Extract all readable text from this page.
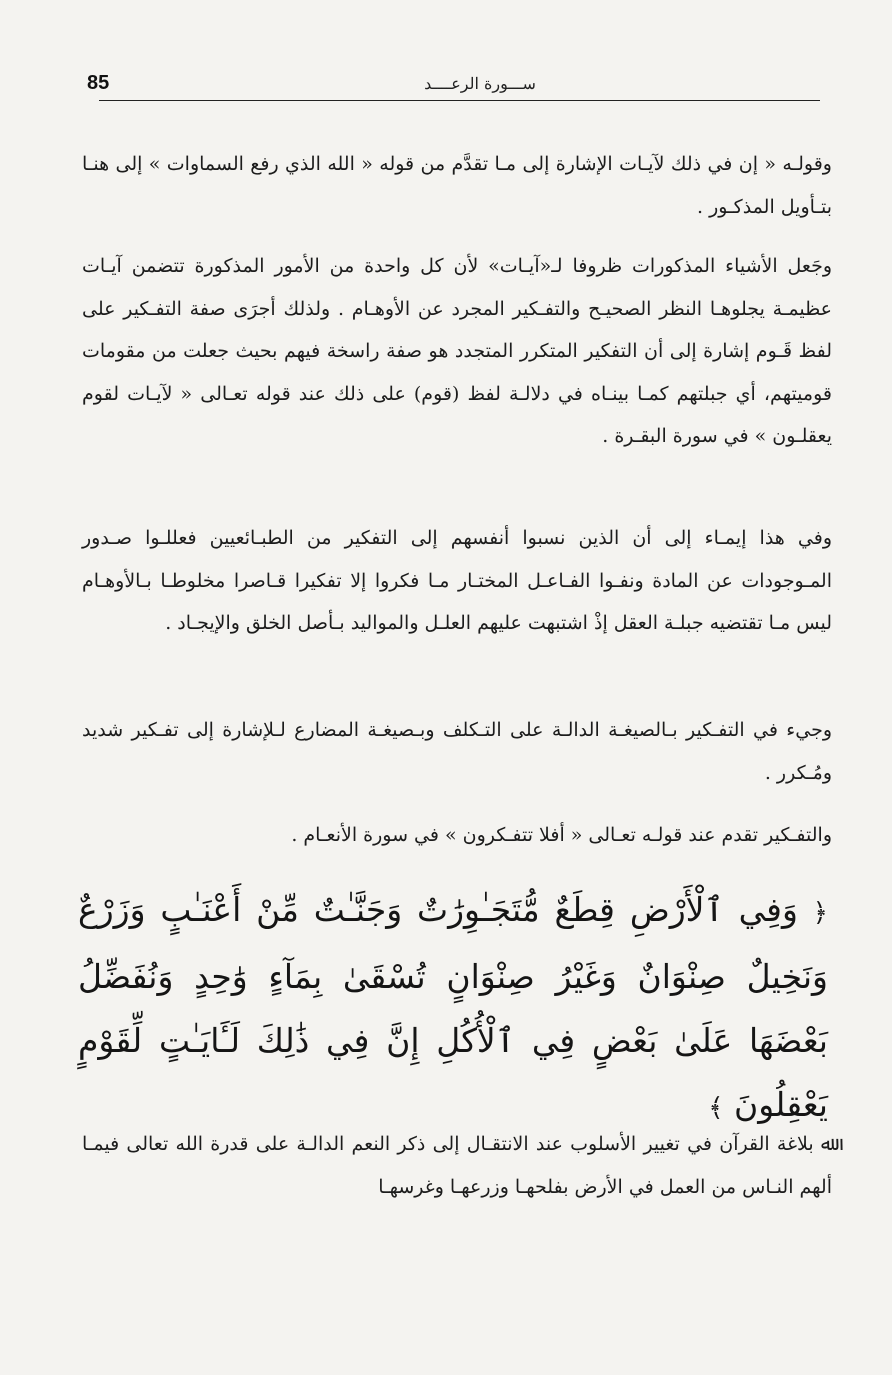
85	ســـورة الرعــــد

وقولـه « إن في ذلك لآيـات الإشارة إلى مـا تقدَّم من قوله « الله الذي رفع السماوات » إلى هنـا بتـأويل المذكـور .

وجَعل الأشياء المذكورات ظروفا لـ«آيـات» لأن كل واحدة من الأمور المذكورة تتضمن آيـات عظيمـة يجلوهـا النظر الصحيـح والتفـكير المجرد عن الأوهـام . ولذلك أجرَى صفة التفـكير على لفظ قَـوم إشارة إلى أن التفكير المتكرر المتجدد هو صفة راسخة فيهم بحيث جعلت من مقومات قوميتهم، أي جبلتهم كمـا بينـاه في دلالـة لفظ (قوم) على ذلك عند قوله تعـالى « لآيـات لقوم يعقلـون » في سورة البقـرة .

وفي هذا إيمـاء إلى أن الذين نسبوا أنفسهم إلى التفكير من الطبـائعيين فعللـوا صـدور المـوجودات عن المادة ونفـوا الفـاعـل المختـار مـا فكروا إلا تفكيرا قـاصرا مخلوطـا بـالأوهـام ليس مـا تقتضيه جبلـة العقل إذْ اشتبهت عليهم العلـل والمواليد بـأصل الخلق والإيجـاد .

وجيء في التفـكير بـالصيغـة الدالـة على التـكلف وبـصيغـة المضارع لـلإشارة إلى تفـكير شديد ومُـكرر .

والتفـكير تقدم عند قولـه تعـالى « أفلا تتفـكرون » في سورة الأنعـام .

﴿ وَفِي ٱلْأَرْضِ قِطَعٌ مُّتَجَـٰوِرَٰتٌ وَجَنَّـٰتٌ مِّنْ أَعْنَـٰبٍ وَزَرْعٌ وَنَخِيلٌ صِنْوَانٌ وَغَيْرُ صِنْوَانٍ تُسْقَىٰ بِمَآءٍ وَٰحِدٍ وَنُفَضِّلُ بَعْضَهَا عَلَىٰ بَعْضٍ فِي ٱلْأُكُلِ إِنَّ فِي ذَٰلِكَ لَـَٔايَـٰتٍ لِّقَوْمٍ يَعْقِلُونَ ﴾

ﷲ بلاغة القرآن في تغيير الأسلوب عند الانتقـال إلى ذكر النعم الدالـة على قدرة الله تعالى فيمـا ألهم النـاس من العمل في الأرض بفلحهـا وزرعهـا وغرسهـا
